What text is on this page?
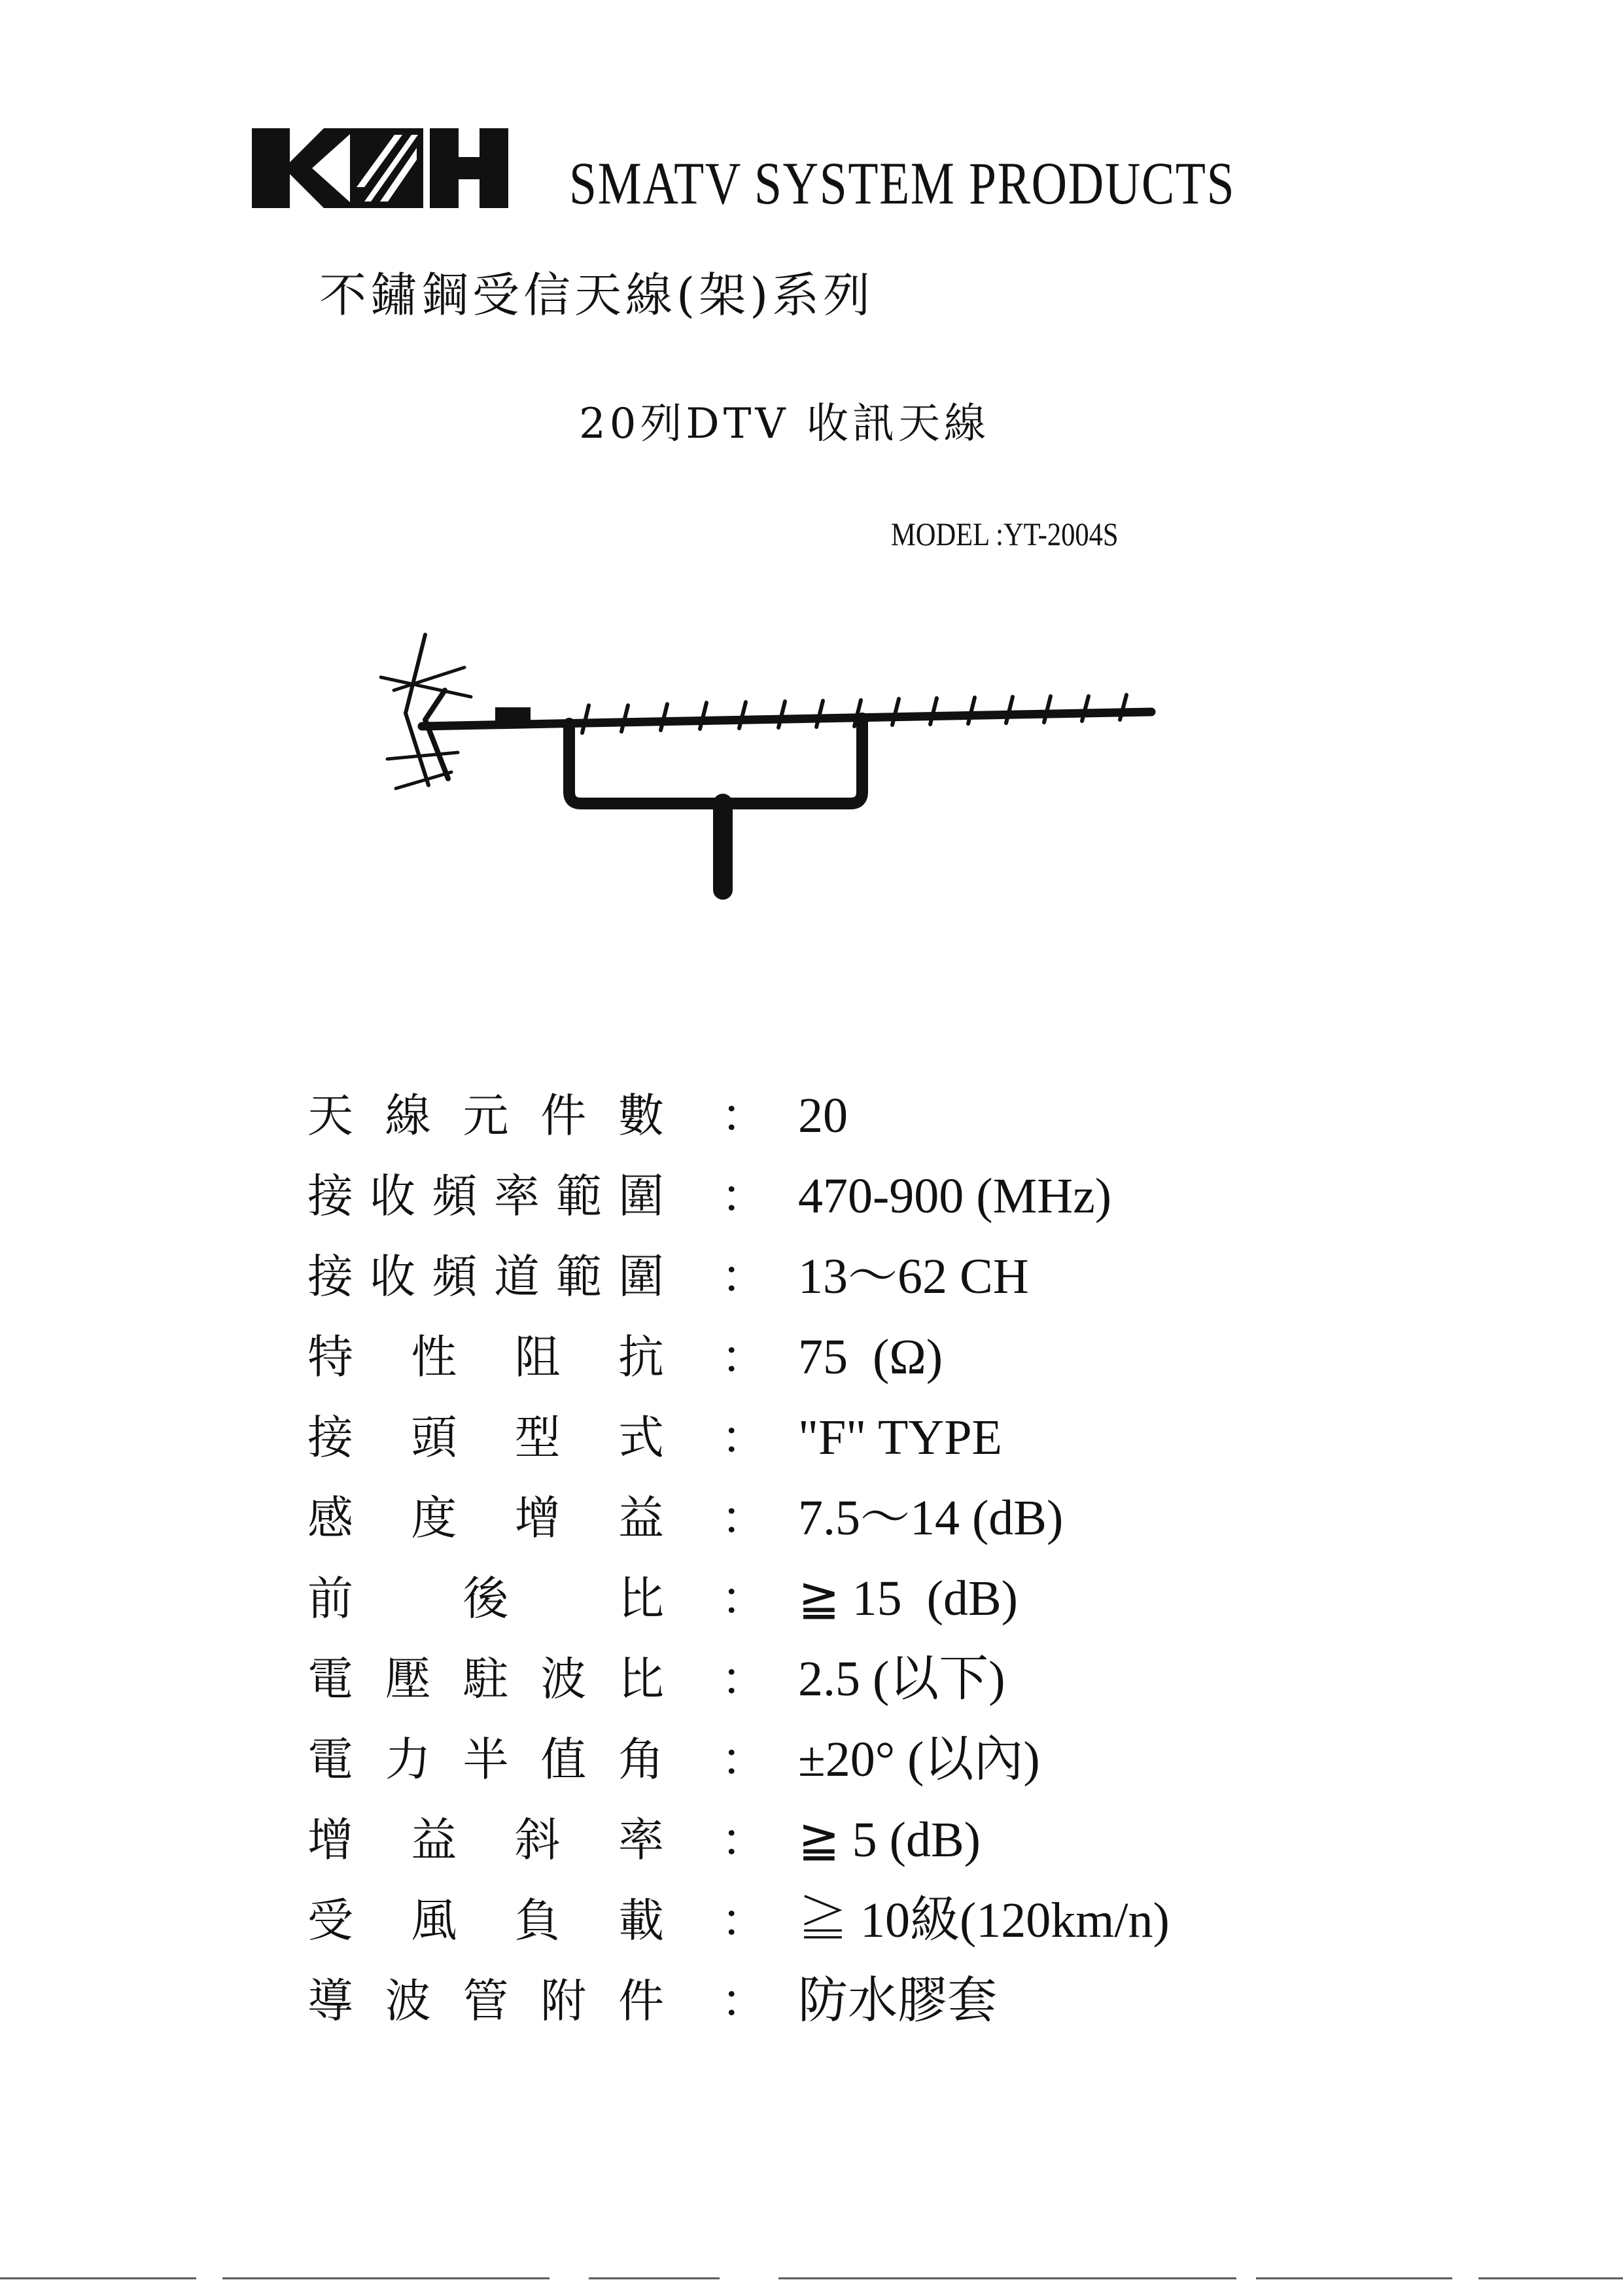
SMATV SYSTEM PRODUCTS
不鏽鋼受信天線(架)系列
20列DTV 收訊天線
MODEL :YT-2004S
天 線 元 件 數 ： 20
接 收 頻 率 範 圍 ： 470-900 (MHz)
接 收 頻 道 範 圍 ： 13～62 CH
特 性 阻 抗 ： 75  (Ω)
接 頭 型 式 ： "F" TYPE
感 度 增 益 ： 7.5～14 (dB)
前 後 比 ： ≧ 15  (dB)
電 壓 駐 波 比 ： 2.5 (以下)
電 力 半 值 角 ： ±20° (以內)
增 益 斜 率 ： ≧ 5 (dB)
受 風 負 載 ： ≧ 10級(120km/n)
導 波 管 附 件 ： 防水膠套
